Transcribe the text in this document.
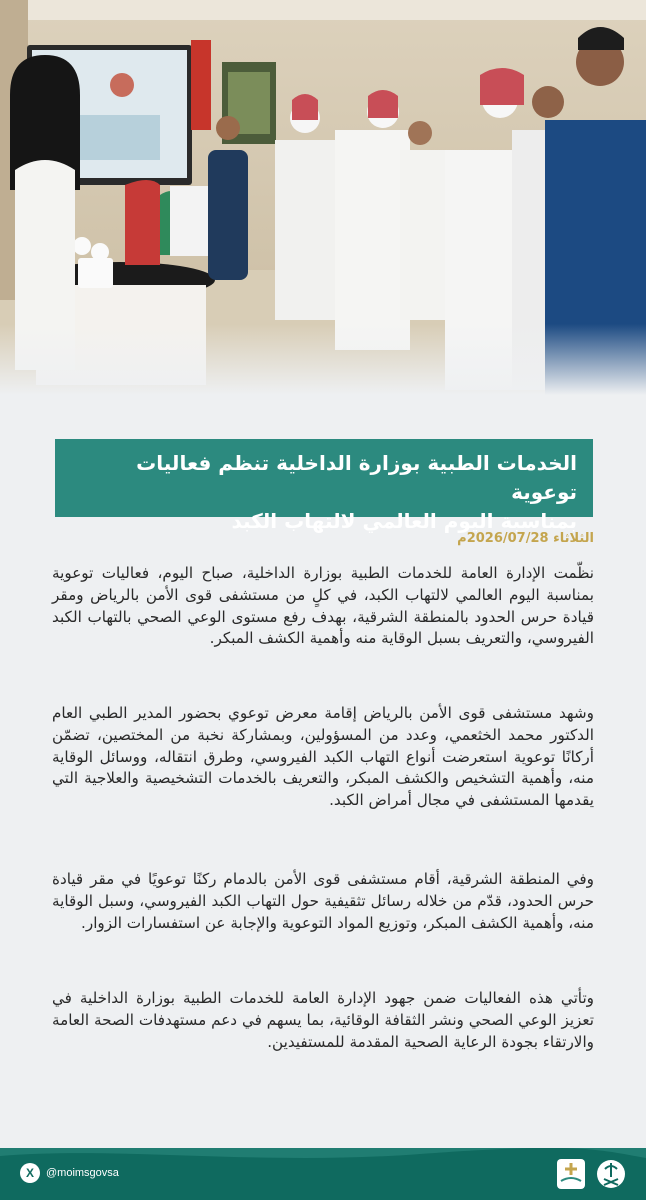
الخدمات الطبية بوزارة الداخلية تنظم فعاليات توعوية
بمناسبة اليوم العالمي لالتهاب الكبد
الثلاثاء 2026/07/28م

نظّمت الإدارة العامة للخدمات الطبية بوزارة الداخلية، صباح اليوم، فعاليات توعوية بمناسبة اليوم العالمي لالتهاب الكبد، في كلٍ من مستشفى قوى الأمن بالرياض ومقر قيادة حرس الحدود بالمنطقة الشرقية، بهدف رفع مستوى الوعي الصحي بالتهاب الكبد الفيروسي، والتعريف بسبل الوقاية منه وأهمية الكشف المبكر.

وشهد مستشفى قوى الأمن بالرياض إقامة معرض توعوي بحضور المدير الطبي العام الدكتور محمد الخثعمي، وعدد من المسؤولين، وبمشاركة نخبة من المختصين، تضمّن أركانًا توعوية استعرضت أنواع التهاب الكبد الفيروسي، وطرق انتقاله، ووسائل الوقاية منه، وأهمية التشخيص والكشف المبكر، والتعريف بالخدمات التشخيصية والعلاجية التي يقدمها المستشفى في مجال أمراض الكبد.

وفي المنطقة الشرقية، أقام مستشفى قوى الأمن بالدمام ركنًا توعويًا في مقر قيادة حرس الحدود، قدّم من خلاله رسائل تثقيفية حول التهاب الكبد الفيروسي، وسبل الوقاية منه، وأهمية الكشف المبكر، وتوزيع المواد التوعوية والإجابة عن استفسارات الزوار.

وتأتي هذه الفعاليات ضمن جهود الإدارة العامة للخدمات الطبية بوزارة الداخلية في تعزيز الوعي الصحي ونشر الثقافة الوقائية، بما يسهم في دعم مستهدفات الصحة العامة والارتقاء بجودة الرعاية الصحية المقدمة للمستفيدين.

X	@moimsgovsa
